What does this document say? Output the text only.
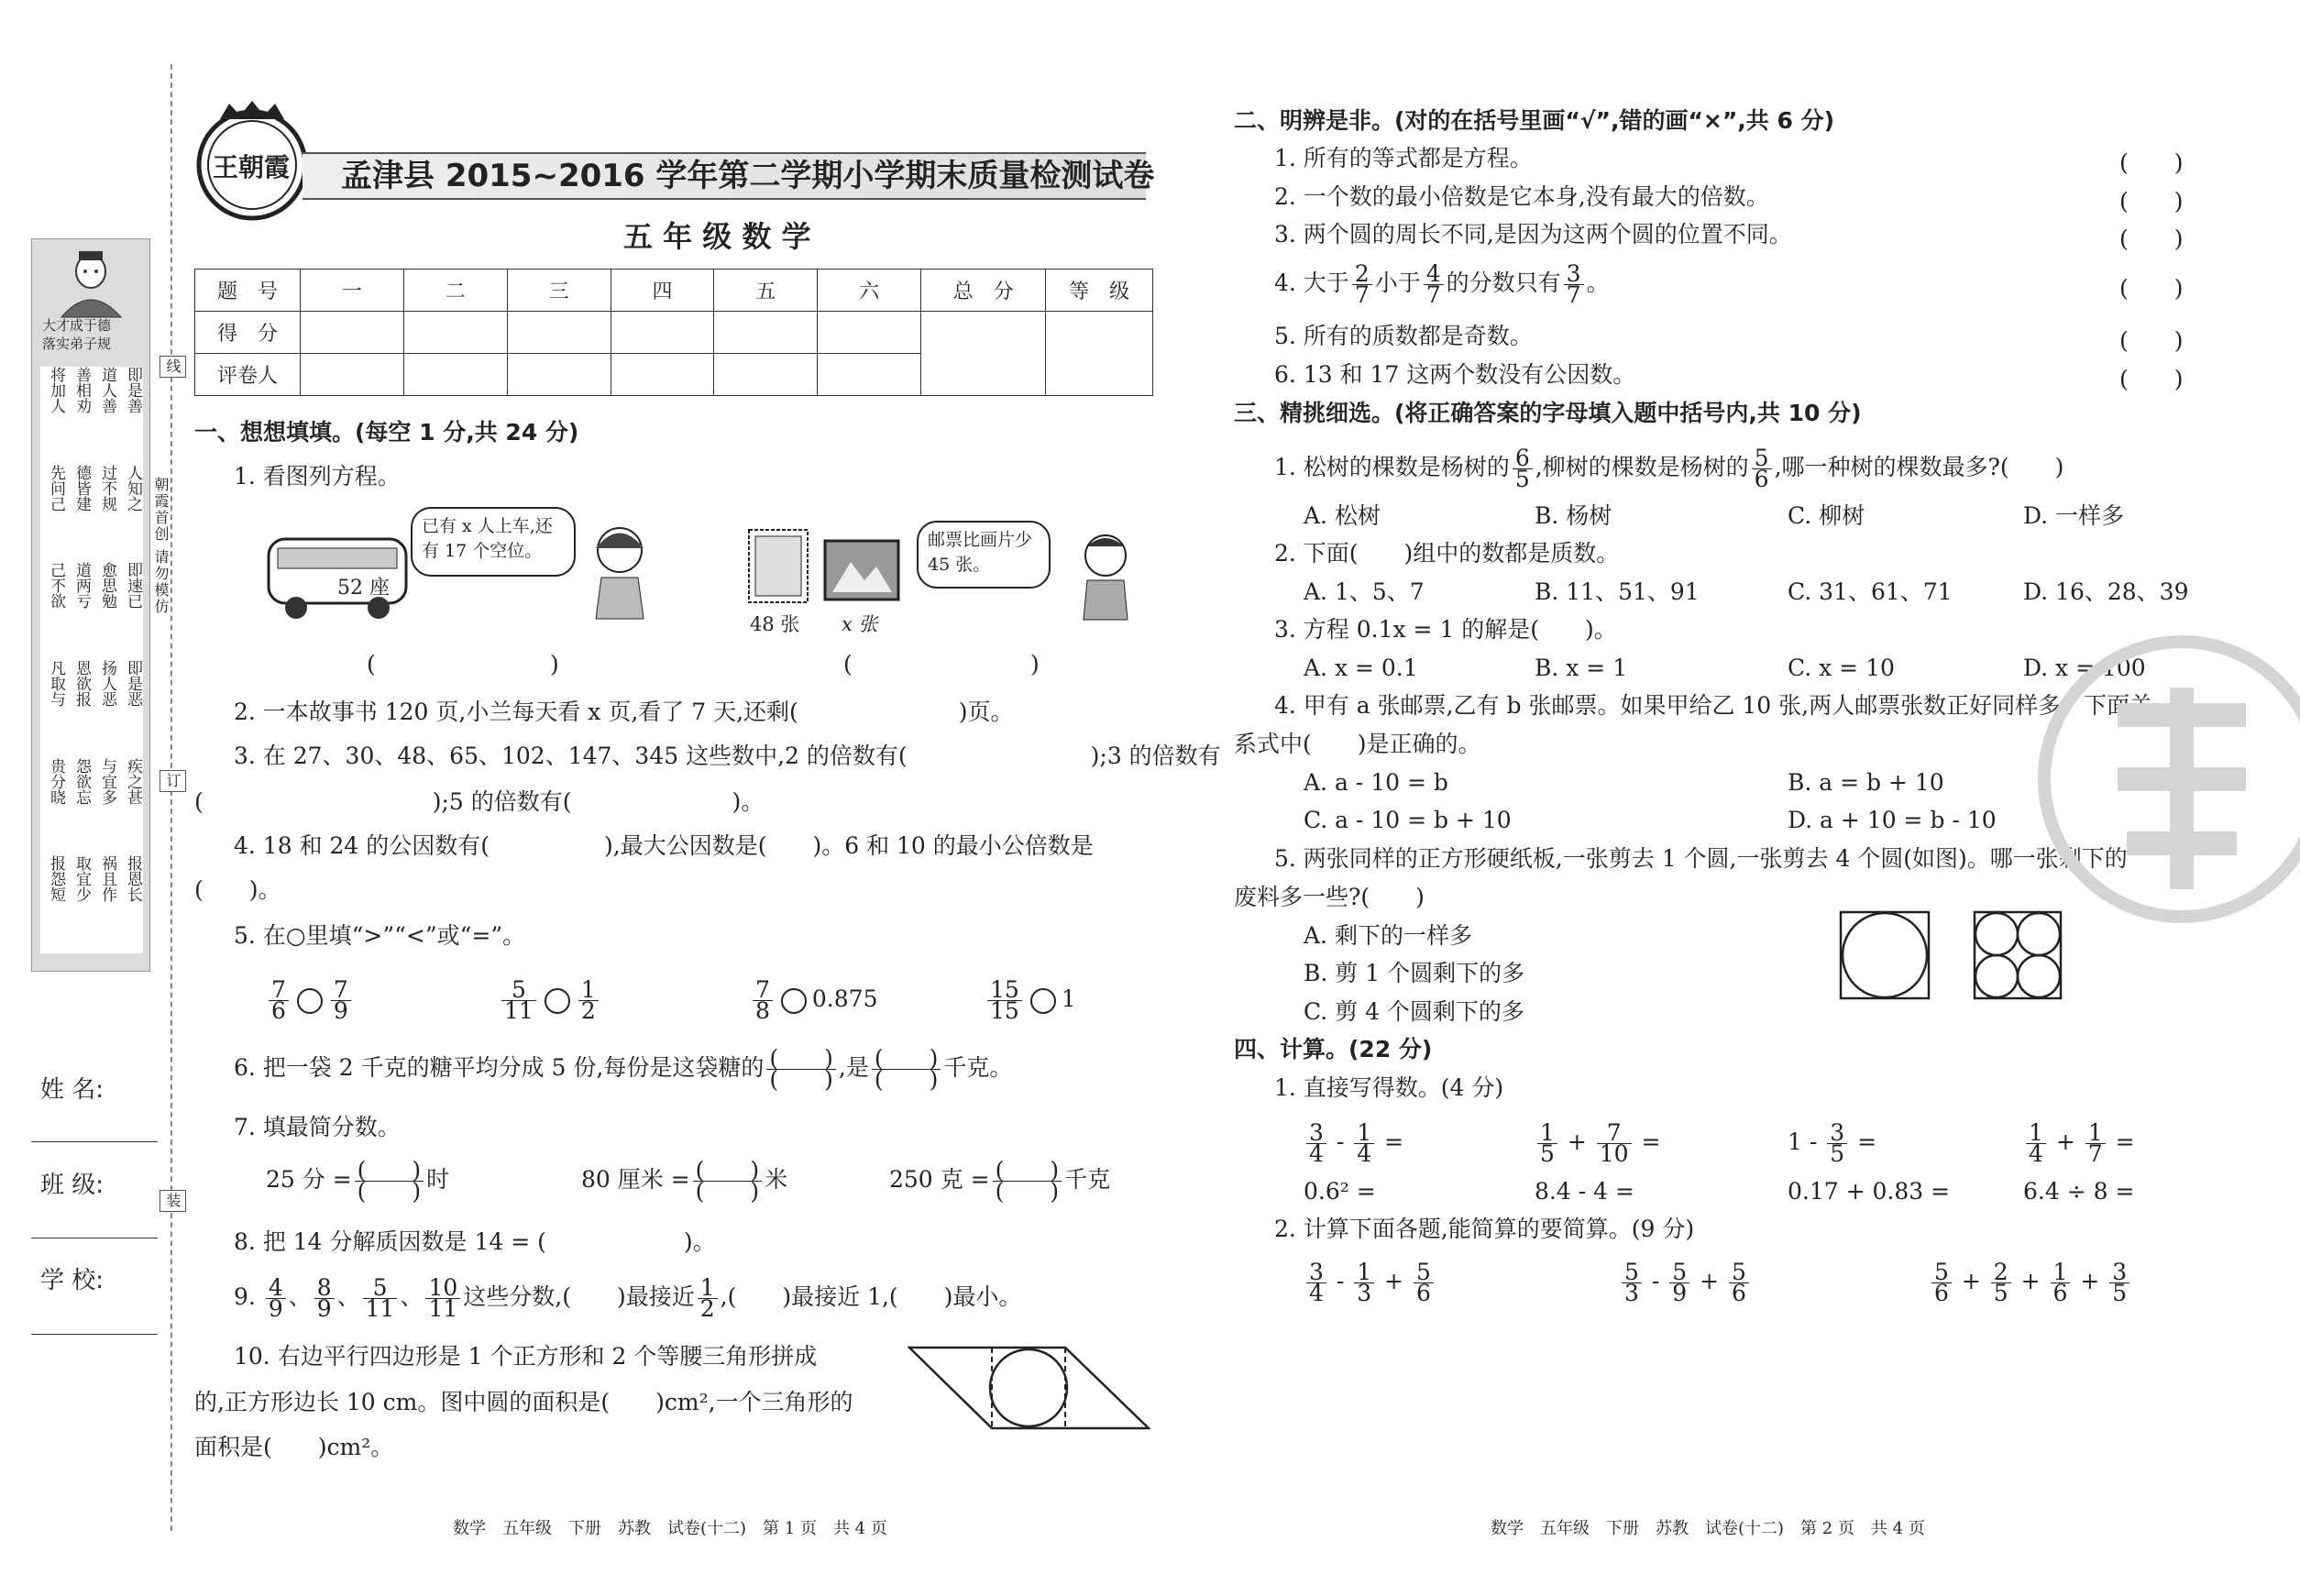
线
订
装
朝霞首创 请勿模仿
大才成于德
落实弟子规
将加人 善相劝 道人善 即是善
先问己 德皆建 过不规 人知之
己不欲 道两亏 愈思勉 即速已
凡取与 恩欲报 扬人恶 即是恶
贵分晓 怨欲忘 与宜多 疾之甚
报怨短 取宜少 祸且作 报恩长
姓 名:
班 级:
学 校:
王朝霞 孟津县 2015~2016 学年第二学期小学期末质量检测试卷
五 年 级 数 学
题　号	一	二	三	四	五	六	总　分	等　级
得　分								
评卷人								
一、想想填填。(每空 1 分,共 24 分)
1. 看图列方程。
52 座
已有 x 人上车,还有 17 个空位。
(	)
48 张 x 张
邮票比画片少 45 张。
(	)
2. 一本故事书 120 页,小兰每天看 x 页,看了 7 天,还剩(　　　　　　　)页。
3. 在 27、30、48、65、102、147、345 这些数中,2 的倍数有(　　　　　　　　);3 的倍数有
(　　　　　　　　　　);5 的倍数有(　　　　　　　)。
4. 18 和 24 的公因数有(　　　　　),最大公因数是(　　)。6 和 10 的最小公倍数是
(　　)。
5. 在○里填“>”“<”或“=”。
$\frac{7}{6} \frac{7}{9}$	$\frac{5}{11} \frac{1}{2}$	$\frac{7}{8} 0.875$	$\frac{15}{15} 1$
6. 把一袋 2 千克的糖平均分成 5 份,每份是这袋糖的 $\frac{( )}{( )}$ ,是 $\frac{( )}{( )}$ 千克。
7. 填最简分数。
25 分 = $\frac{( )}{( )}$ 时	80 厘米 = $\frac{( )}{( )}$ 米	250 克 = $\frac{( )}{( )}$ 千克
8. 把 14 分解质因数是 14 = (　　　　　　)。
9. $\frac{4}{9}$ 、 $\frac{8}{9}$ 、 $\frac{5}{11}$ 、 $\frac{10}{11}$ 这些分数,(　　)最接近 $\frac{1}{2}$ ,(　　)最接近 1,(　　)最小。
10. 右边平行四边形是 1 个正方形和 2 个等腰三角形拼成
的,正方形边长 10 cm。图中圆的面积是(　　)cm²,一个三角形的
面积是(　　)cm²。
数学　五年级　下册　苏教　试卷(十二)　第 1 页　共 4 页
二、明辨是非。(对的在括号里画“√”,错的画“×”,共 6 分)
1. 所有的等式都是方程。
2. 一个数的最小倍数是它本身,没有最大的倍数。
3. 两个圆的周长不同,是因为这两个圆的位置不同。
4. 大于 $\frac{2}{7}$ 小于 $\frac{4}{7}$ 的分数只有 $\frac{3}{7}$ 。
5. 所有的质数都是奇数。
6. 13 和 17 这两个数没有公因数。
(　　)
(　　)
(　　)
(　　)
(　　)
(　　)
三、精挑细选。(将正确答案的字母填入题中括号内,共 10 分)
1. 松树的棵数是杨树的 $\frac{6}{5}$ ,柳树的棵数是杨树的 $\frac{5}{6}$ ,哪一种树的棵数最多?(　　)
A. 松树	B. 杨树	C. 柳树	D. 一样多
2. 下面(　　)组中的数都是质数。
A. 1、5、7	B. 11、51、91	C. 31、61、71	D. 16、28、39
3. 方程 0.1x = 1 的解是(　　)。
A. x = 0.1	B. x = 1	C. x = 10	D. x = 100
4. 甲有 a 张邮票,乙有 b 张邮票。如果甲给乙 10 张,两人邮票张数正好同样多。下面关
系式中(　　)是正确的。
A. a - 10 = b	B. a = b + 10
C. a - 10 = b + 10	D. a + 10 = b - 10
5. 两张同样的正方形硬纸板,一张剪去 1 个圆,一张剪去 4 个圆(如图)。哪一张剩下的
废料多一些?(　　)
A. 剩下的一样多
B. 剪 1 个圆剩下的多
C. 剪 4 个圆剩下的多
四、计算。(22 分)
1. 直接写得数。(4 分)
$\frac{3}{4} - \frac{1}{4}$ =	$\frac{1}{5} + \frac{7}{10}$ =	$1 - \frac{3}{5}$ =	$\frac{1}{4} + \frac{1}{7}$ =
0.6² =	8.4 - 4 =	0.17 + 0.83 =	6.4 ÷ 8 =
2. 计算下面各题,能简算的要简算。(9 分)
$\frac{3}{4} - \frac{1}{3} + \frac{5}{6}$	$\frac{5}{3} - \frac{5}{9} + \frac{5}{6}$	$\frac{5}{6} + \frac{2}{5} + \frac{1}{6} + \frac{3}{5}$
数学　五年级　下册　苏教　试卷(十二)　第 2 页　共 4 页
